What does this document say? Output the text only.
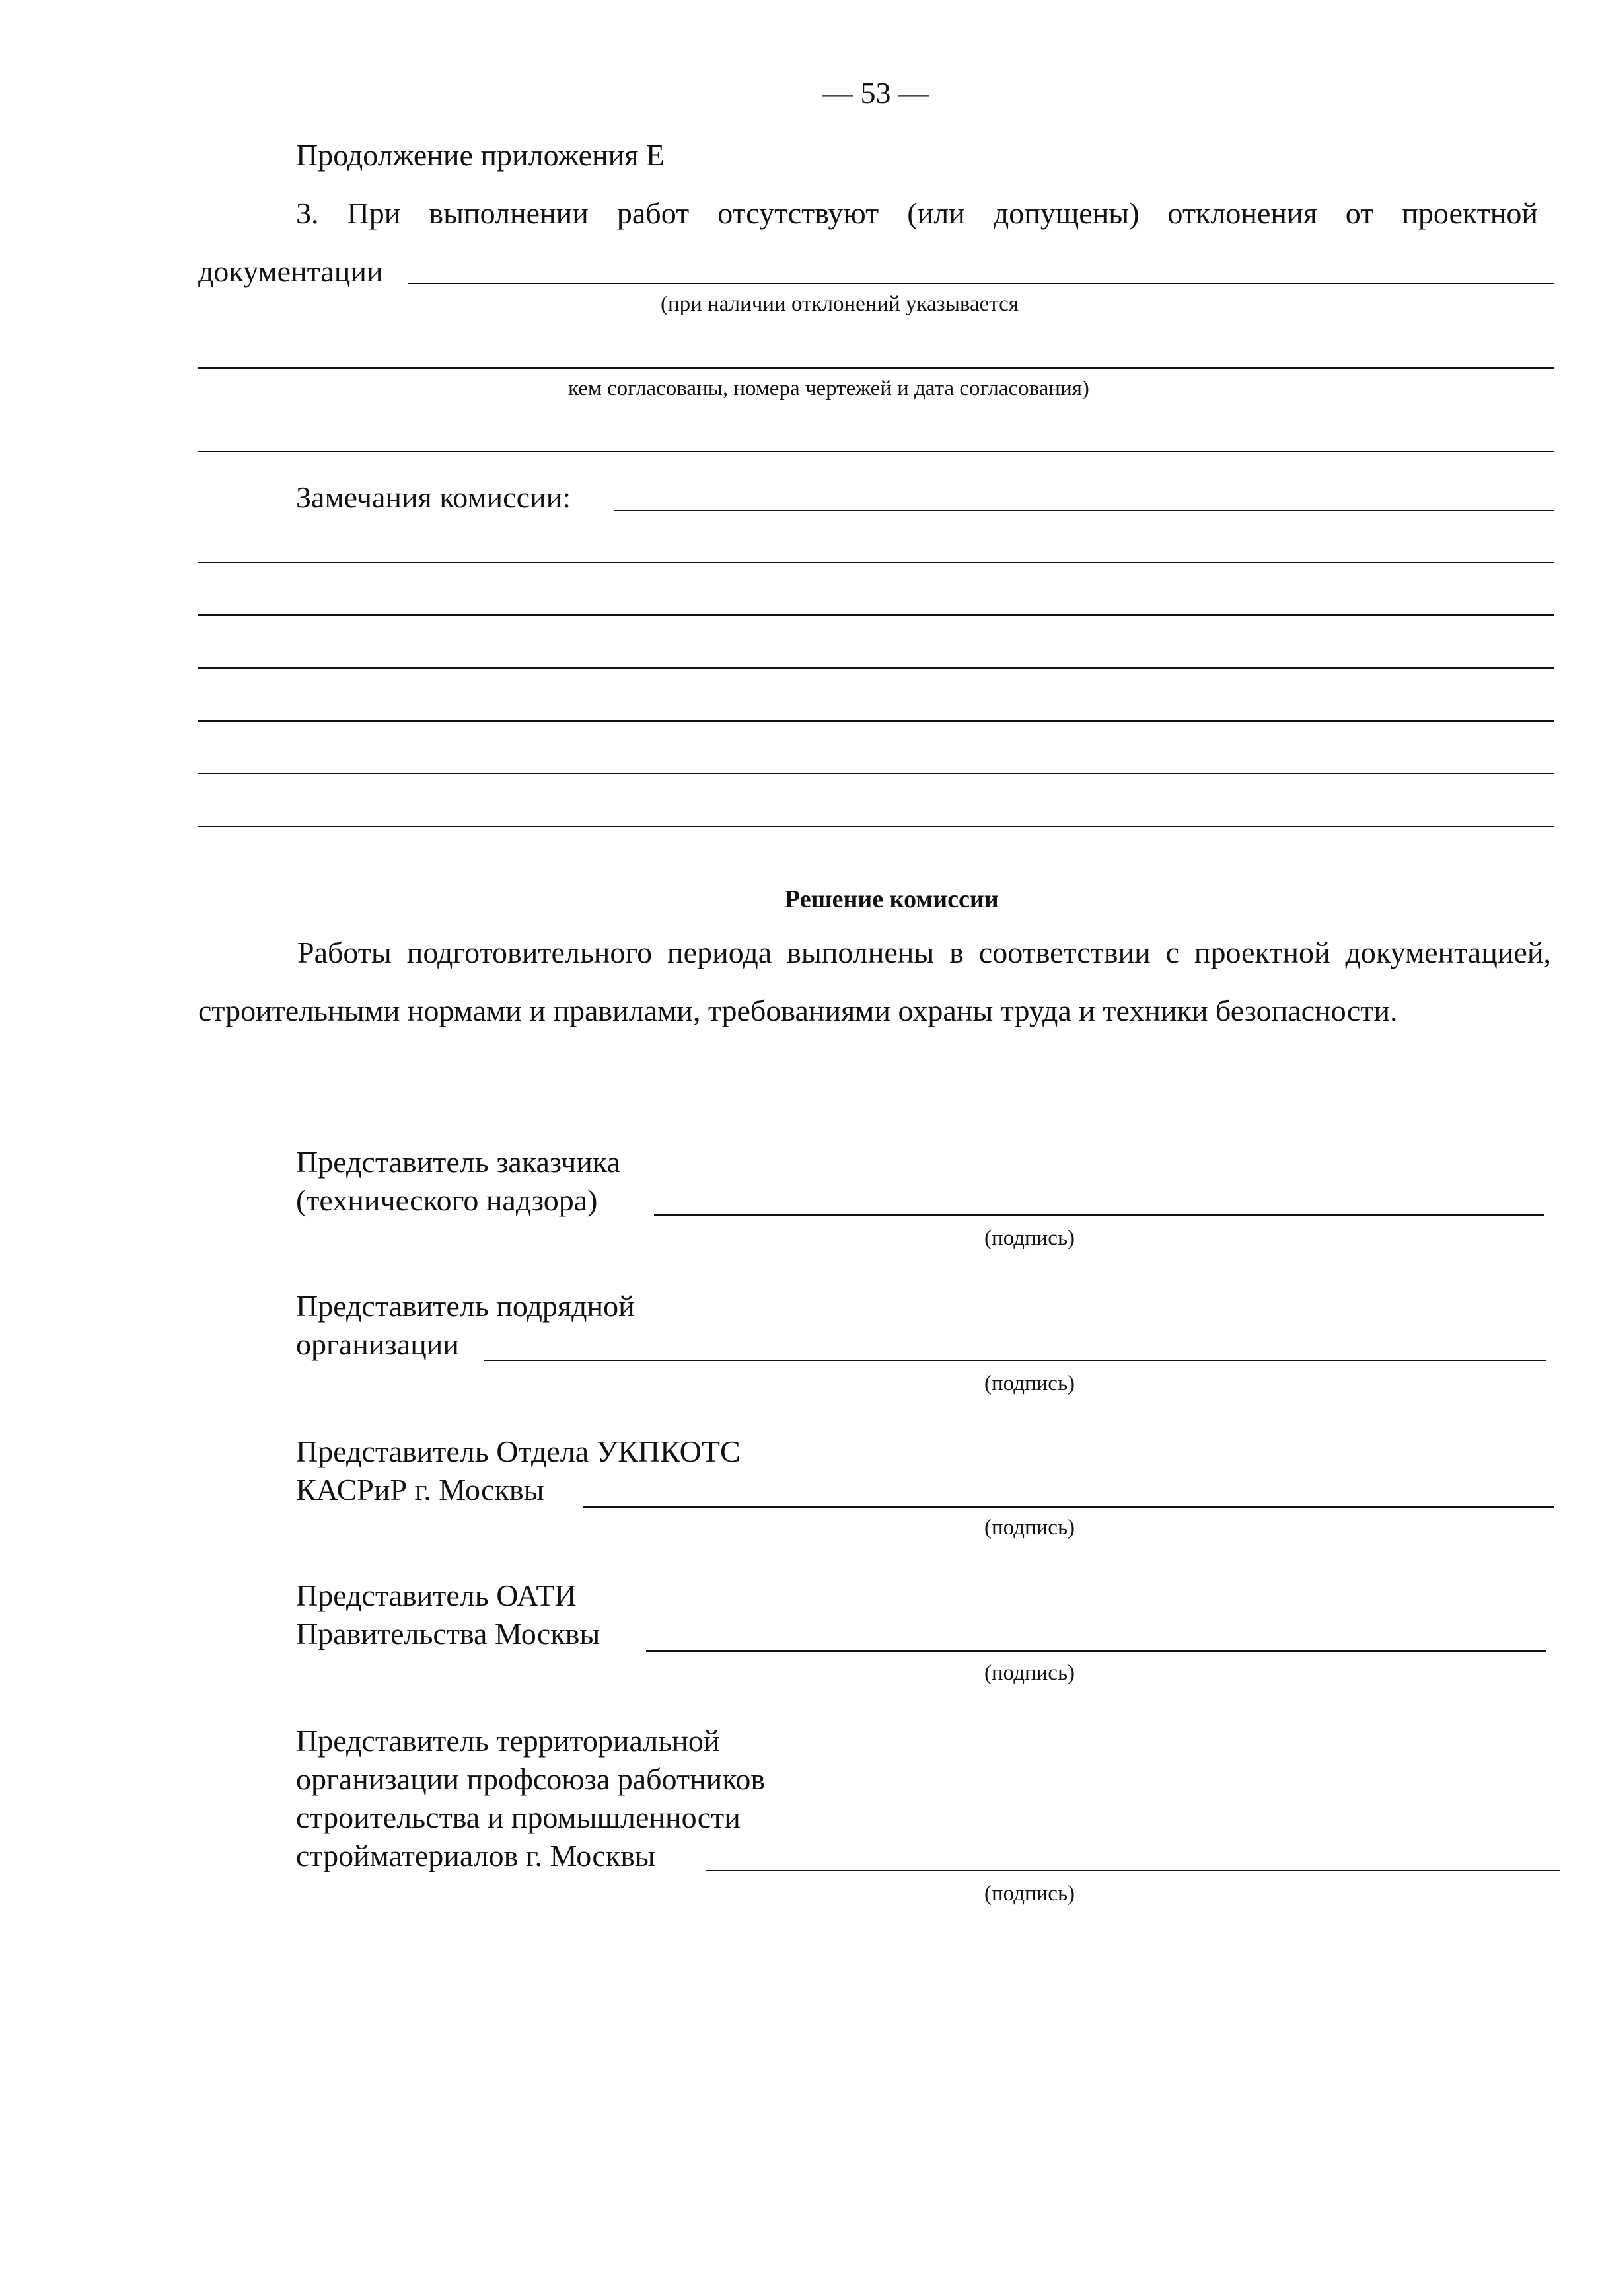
— 53 —
Продолжение приложения Е
3. При выполнении работ отсутствуют (или допущены) отклонения от проектной
документации
(при наличии отклонений указывается
кем согласованы, номера чертежей и дата согласования)
Замечания комиссии:
Решение комиссии
Работы подготовительного периода выполнены в соответствии с проектной документацией, строительными нормами и правилами, требованиями охраны труда и техники безопасности.
Представитель заказчика
(технического надзора)
(подпись)
Представитель подрядной
организации
(подпись)
Представитель Отдела УКПКОТС
КАСРиР г. Москвы
(подпись)
Представитель ОАТИ
Правительства Москвы
(подпись)
Представитель территориальной
организации профсоюза работников
строительства и промышленности
стройматериалов г. Москвы
(подпись)
